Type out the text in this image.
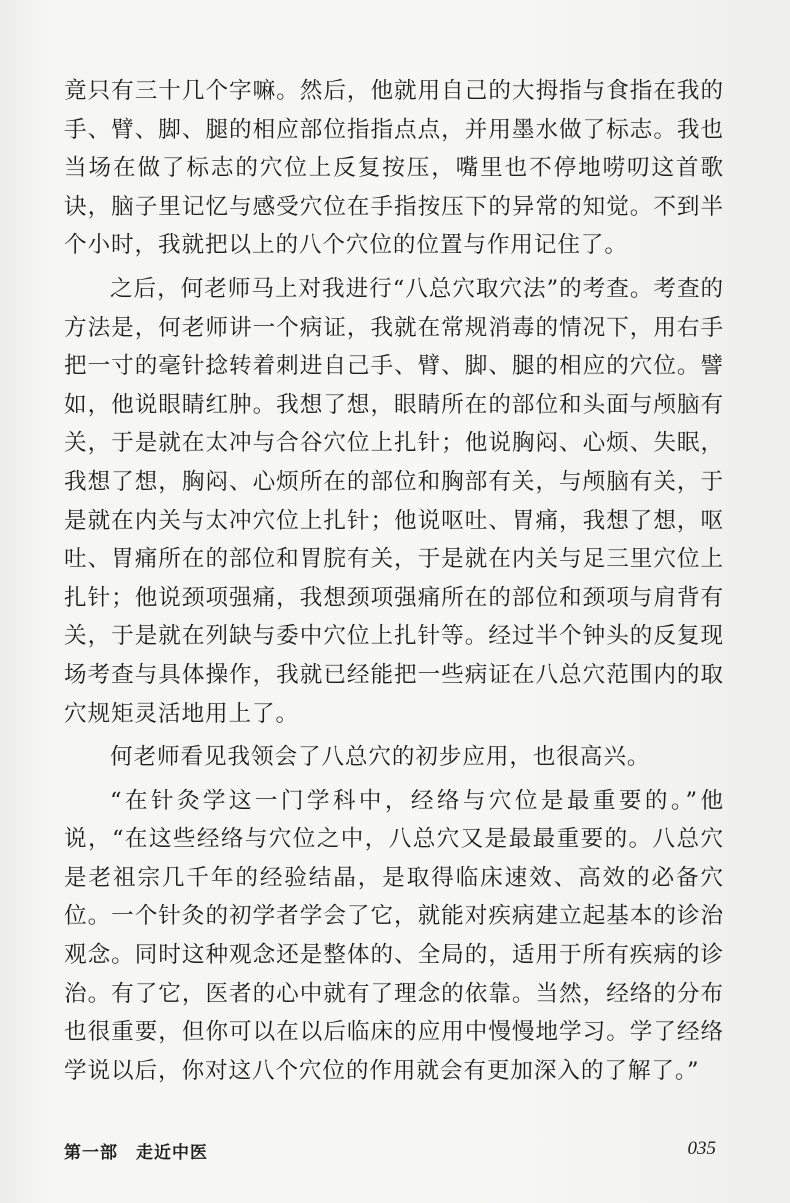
竟只有三十几个字嘛。然后，他就用自己的大拇指与食指在我的手、臂、脚、腿的相应部位指指点点，并用墨水做了标志。我也当场在做了标志的穴位上反复按压，嘴里也不停地唠叨这首歌诀，脑子里记忆与感受穴位在手指按压下的异常的知觉。不到半个小时，我就把以上的八个穴位的位置与作用记住了。

之后，何老师马上对我进行“八总穴取穴法”的考查。考查的方法是，何老师讲一个病证，我就在常规消毒的情况下，用右手把一寸的毫针捻转着刺进自己手、臂、脚、腿的相应的穴位。譬如，他说眼睛红肿。我想了想，眼睛所在的部位和头面与颅脑有关，于是就在太冲与合谷穴位上扎针；他说胸闷、心烦、失眠，我想了想，胸闷、心烦所在的部位和胸部有关，与颅脑有关，于是就在内关与太冲穴位上扎针；他说呕吐、胃痛，我想了想，呕吐、胃痛所在的部位和胃脘有关，于是就在内关与足三里穴位上扎针；他说颈项强痛，我想颈项强痛所在的部位和颈项与肩背有关，于是就在列缺与委中穴位上扎针等。经过半个钟头的反复现场考查与具体操作，我就已经能把一些病证在八总穴范围内的取穴规矩灵活地用上了。

何老师看见我领会了八总穴的初步应用，也很高兴。

“在针灸学这一门学科中，经络与穴位是最重要的。”他说，“在这些经络与穴位之中，八总穴又是最最重要的。八总穴是老祖宗几千年的经验结晶，是取得临床速效、高效的必备穴位。一个针灸的初学者学会了它，就能对疾病建立起基本的诊治观念。同时这种观念还是整体的、全局的，适用于所有疾病的诊治。有了它，医者的心中就有了理念的依靠。当然，经络的分布也很重要，但你可以在以后临床的应用中慢慢地学习。学了经络学说以后，你对这八个穴位的作用就会有更加深入的了解了。”

第一部　走近中医	035
